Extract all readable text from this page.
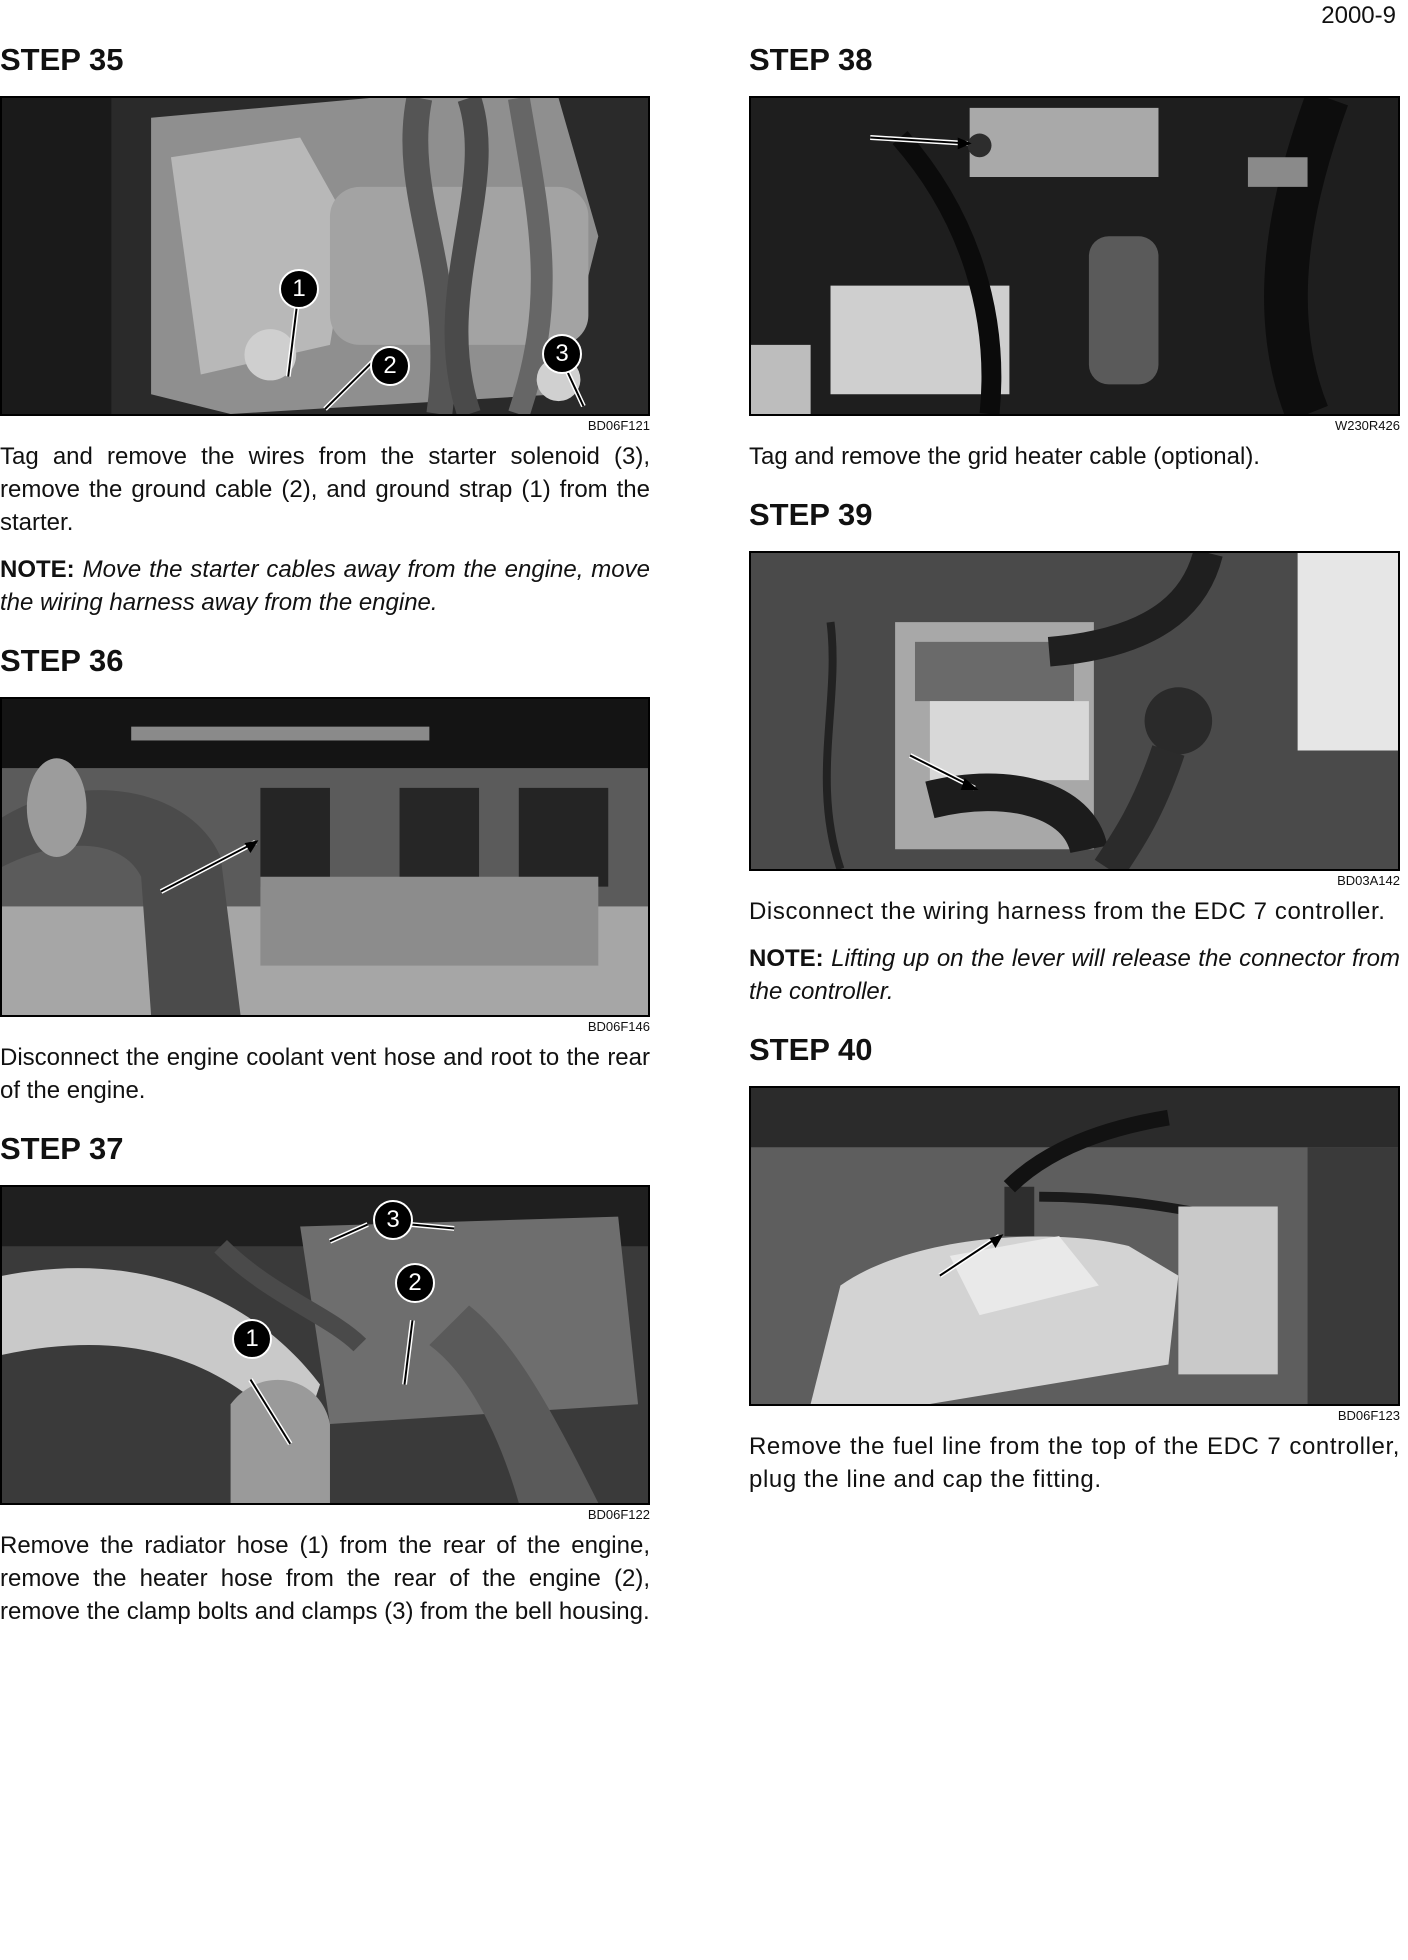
2000-9
STEP 35
1
2	3
BD06F121

Tag and remove the wires from the starter solenoid (3), remove the ground cable (2), and ground strap (1) from the starter.

NOTE: Move the starter cables away from the engine, move the wiring harness away from the engine.

STEP 36
BD06F146

Disconnect the engine coolant vent hose and root to the rear of the engine.

STEP 37
1
2
3
BD06F122

Remove the radiator hose (1) from the rear of the engine, remove the heater hose from the rear of the engine (2), remove the clamp bolts and clamps (3) from the bell housing.

STEP 38
W230R426

Tag and remove the grid heater cable (optional).

STEP 39
BD03A142

Disconnect the wiring harness from the EDC 7 controller.

NOTE: Lifting up on the lever will release the connector from the controller.

STEP 40
BD06F123

Remove the fuel line from the top of the EDC 7 controller, plug the line and cap the fitting.
